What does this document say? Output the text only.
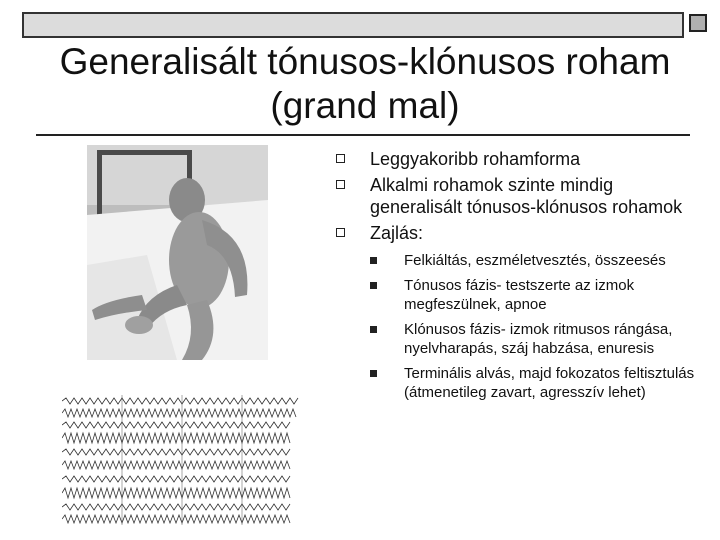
Generalisált tónusos-klónusos roham
(grand mal)
Leggyakoribb rohamforma
Alkalmi rohamok szinte mindig generalisált tónusos-klónusos rohamok
Zajlás:
Felkiáltás, eszméletvesztés, összeesés
Tónusos fázis- testszerte az izmok megfeszülnek, apnoe
Klónusos fázis- izmok ritmusos rángása, nyelvharapás, száj habzása, enuresis
Terminális alvás, majd fokozatos feltisztulás (átmenetileg zavart, agresszív lehet)
